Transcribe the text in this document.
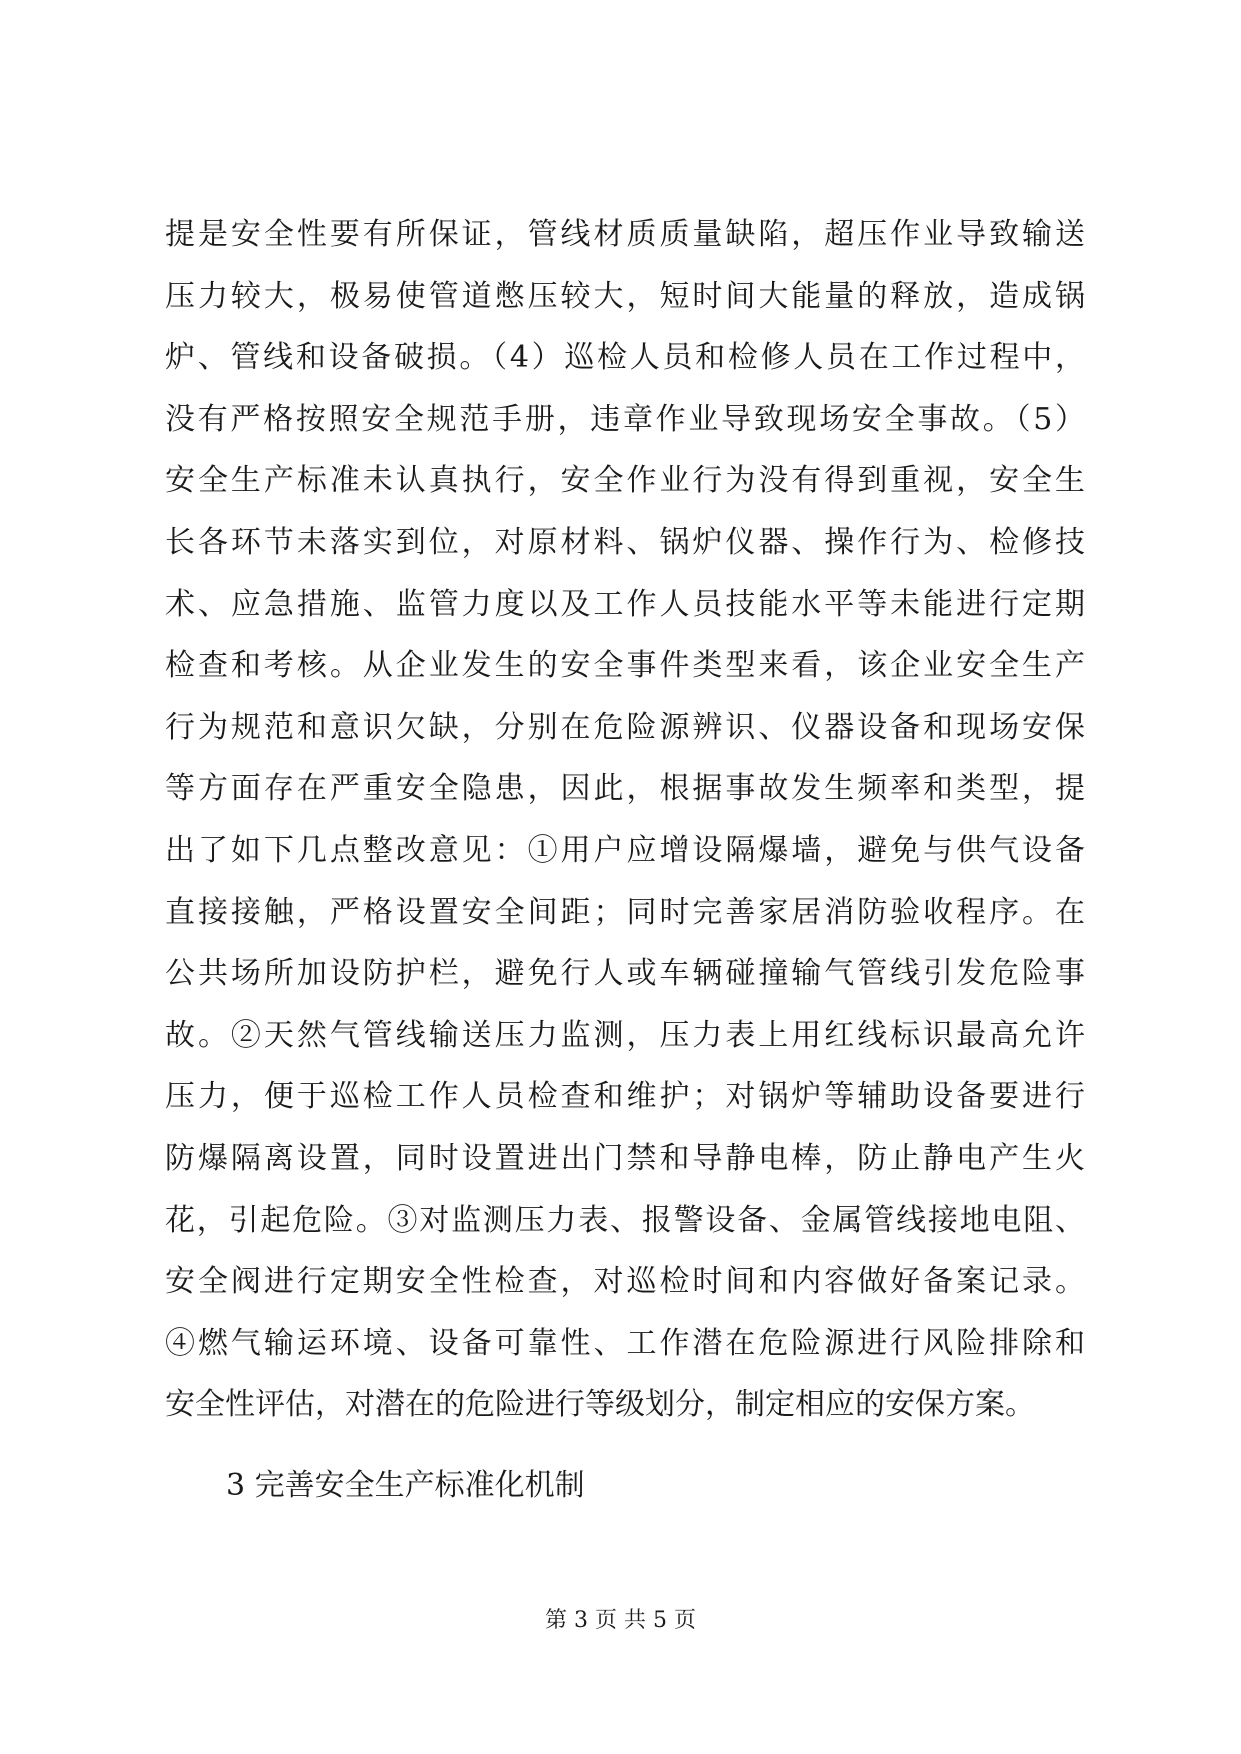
提是安全性要有所保证，管线材质质量缺陷，超压作业导致输送
压力较大，极易使管道憋压较大，短时间大能量的释放，造成锅
炉、管线和设备破损。（4）巡检人员和检修人员在工作过程中，
没有严格按照安全规范手册，违章作业导致现场安全事故。（5）
安全生产标准未认真执行，安全作业行为没有得到重视，安全生
长各环节未落实到位，对原材料、锅炉仪器、操作行为、检修技
术、应急措施、监管力度以及工作人员技能水平等未能进行定期
检查和考核。从企业发生的安全事件类型来看，该企业安全生产
行为规范和意识欠缺，分别在危险源辨识、仪器设备和现场安保
等方面存在严重安全隐患，因此，根据事故发生频率和类型，提
出了如下几点整改意见：①用户应增设隔爆墙，避免与供气设备
直接接触，严格设置安全间距；同时完善家居消防验收程序。在
公共场所加设防护栏，避免行人或车辆碰撞输气管线引发危险事
故。②天然气管线输送压力监测，压力表上用红线标识最高允许
压力，便于巡检工作人员检查和维护；对锅炉等辅助设备要进行
防爆隔离设置，同时设置进出门禁和导静电棒，防止静电产生火
花，引起危险。③对监测压力表、报警设备、金属管线接地电阻、
安全阀进行定期安全性检查，对巡检时间和内容做好备案记录。
④燃气输运环境、设备可靠性、工作潜在危险源进行风险排除和
安全性评估，对潜在的危险进行等级划分，制定相应的安保方案。
3 完善安全生产标准化机制
第 3 页 共 5 页
